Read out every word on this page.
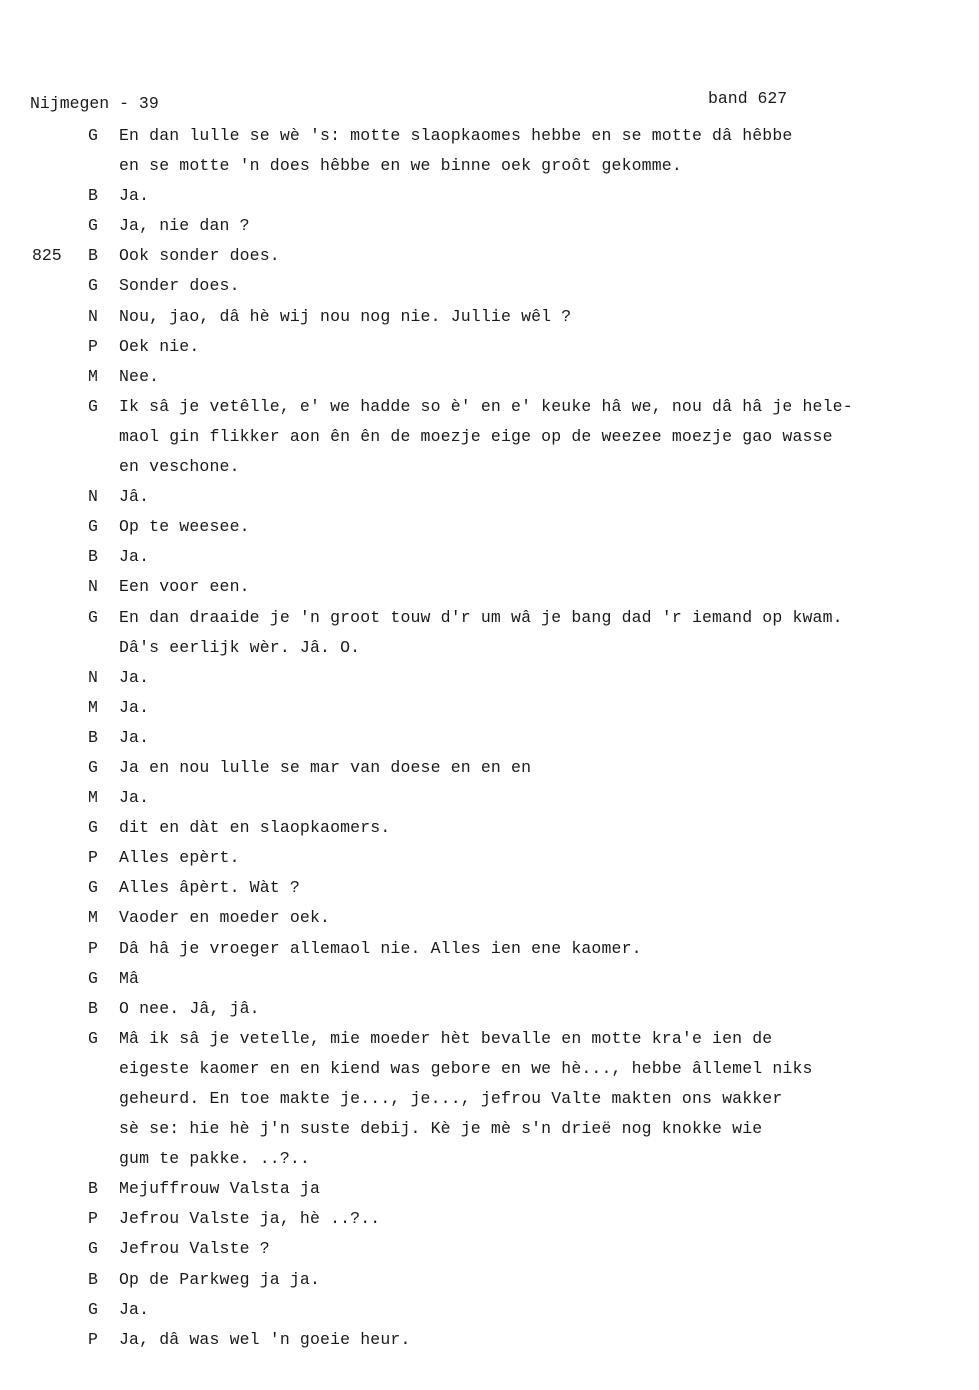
Nijmegen - 39	band 627
G En dan lulle se wè 's: motte slaopkaomes hebbe en se motte dâ hêbbe
en se motte 'n does hêbbe en we binne oek groôt gekomme.
B Ja.
G Ja, nie dan ?
825 B Ook sonder does.
G Sonder does.
N Nou, jao, dâ hè wij nou nog nie. Jullie wêl ?
P Oek nie.
M Nee.
G Ik sâ je vetêlle, e' we hadde so è' en e' keuke hâ we, nou dâ hâ je hele-
maol gin flikker aon ên ên de moezje eige op de weezee moezje gao wasse
en veschone.
N Jâ.
G Op te weesee.
B Ja.
N Een voor een.
G En dan draaide je 'n groot touw d'r um wâ je bang dad 'r iemand op kwam.
Dâ's eerlijk wèr. Jâ. O.
N Ja.
M Ja.
B Ja.
G Ja en nou lulle se mar van doese en en en
M Ja.
G dit en dàt en slaopkaomers.
P Alles epèrt.
G Alles âpèrt. Wàt ?
M Vaoder en moeder oek.
P Dâ hâ je vroeger allemaol nie. Alles ien ene kaomer.
G Mâ
B O nee. Jâ, jâ.
G Mâ ik sâ je vetelle, mie moeder hèt bevalle en motte kra'e ien de
eigeste kaomer en en kiend was gebore en we hè..., hebbe âllemel niks
geheurd. En toe makte je..., je..., jefrou Valte makten ons wakker
sè se: hie hè j'n suste debij. Kè je mè s'n drieë nog knokke wie
gum te pakke. ..?..
B Mejuffrouw Valsta ja
P Jefrou Valste ja, hè ..?..
G Jefrou Valste ?
B Op de Parkweg ja ja.
G Ja.
P Ja, dâ was wel 'n goeie heur.
